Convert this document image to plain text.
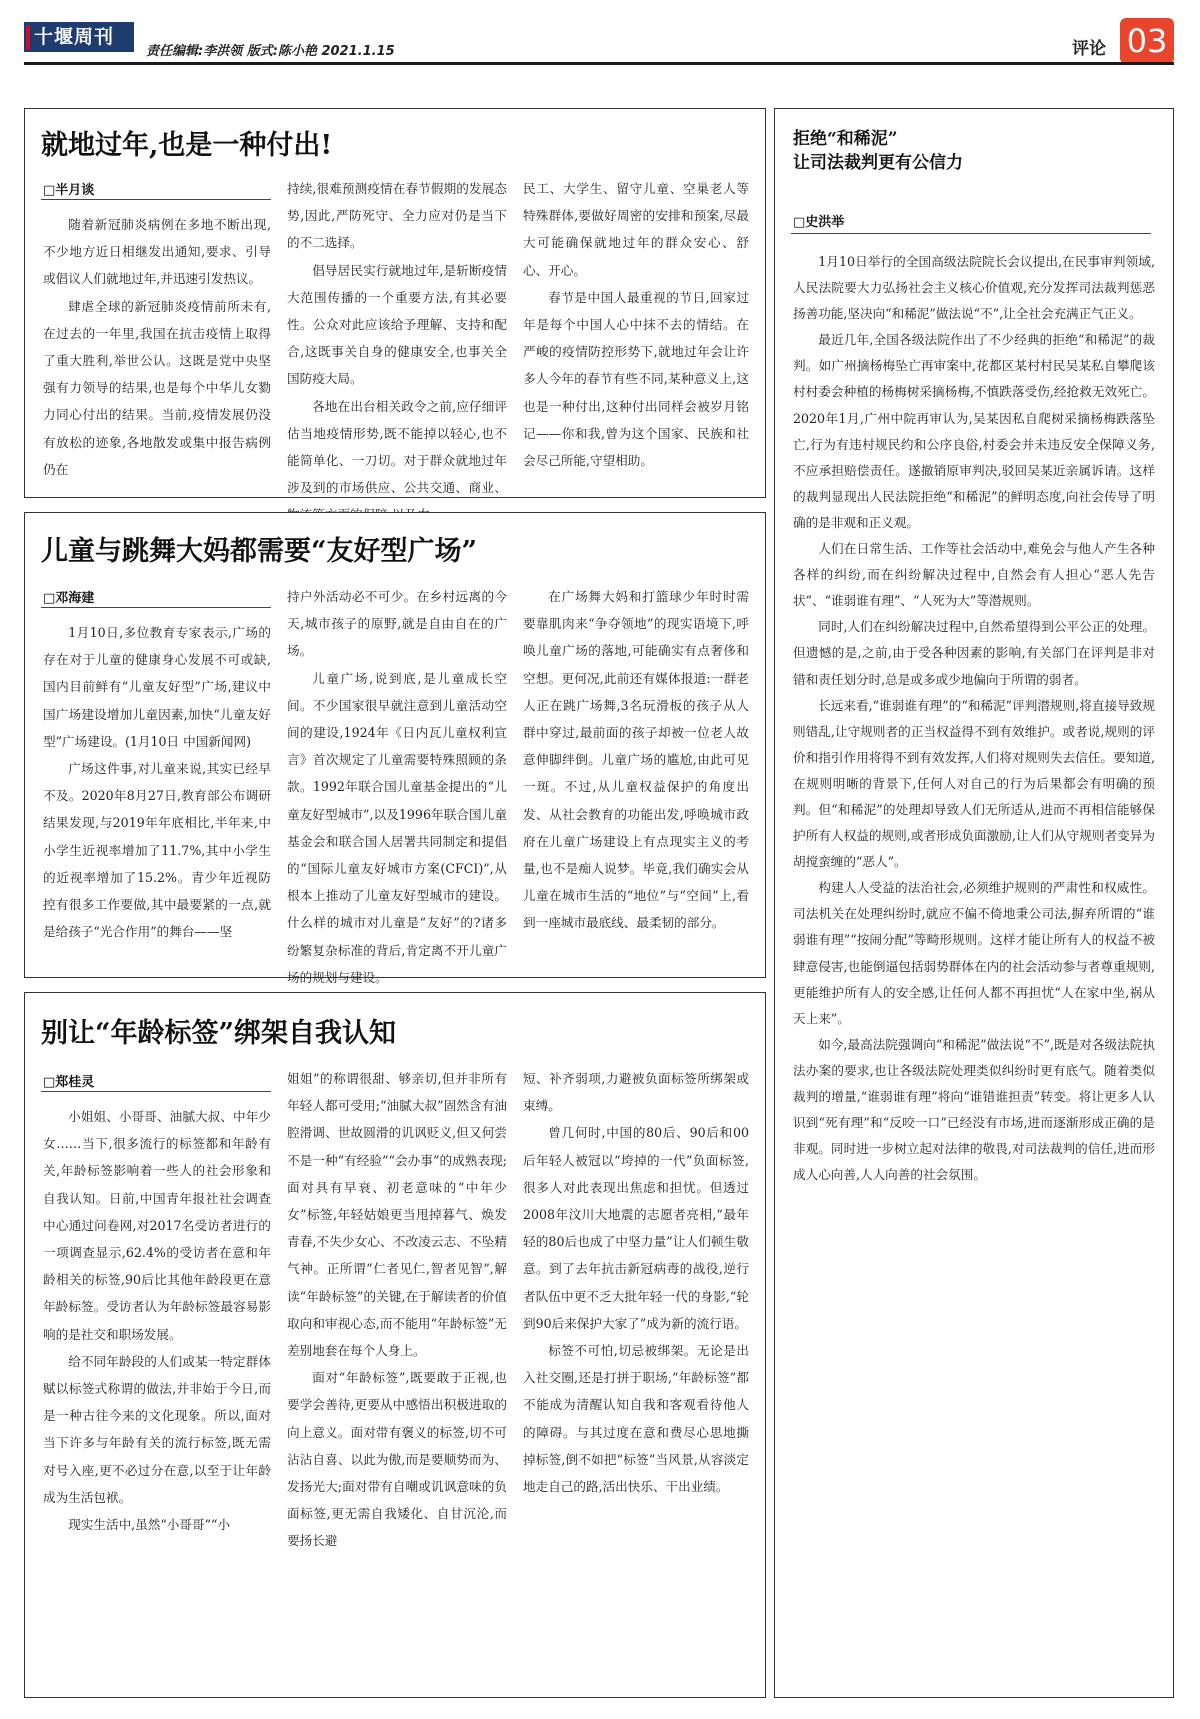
十堰周刊
责任编辑:李洪领 版式:陈小艳 2021.1.15	评论 03
就地过年,也是一种付出!
□半月谈

随着新冠肺炎病例在多地不断出现,不少地方近日相继发出通知,要求、引导或倡议人们就地过年,并迅速引发热议。

肆虐全球的新冠肺炎疫情前所未有,在过去的一年里,我国在抗击疫情上取得了重大胜利,举世公认。这既是党中央坚强有力领导的结果,也是每个中华儿女勠力同心付出的结果。当前,疫情发展仍没有放松的迹象,各地散发或集中报告病例仍在

持续,很难预测疫情在春节假期的发展态势,因此,严防死守、全力应对仍是当下的不二选择。

倡导居民实行就地过年,是斩断疫情大范围传播的一个重要方法,有其必要性。公众对此应该给予理解、支持和配合,这既事关自身的健康安全,也事关全国防疫大局。

各地在出台相关政令之前,应仔细评估当地疫情形势,既不能掉以轻心,也不能简单化、一刀切。对于群众就地过年涉及到的市场供应、公共交通、商业、

民工、大学生、留守儿童、空巢老人等特殊群体,要做好周密的安排和预案,尽最大可能确保就地过年的群众安心、舒心、开心。

春节是中国人最重视的节日,回家过年是每个中国人心中抹不去的情结。在严峻的疫情防控形势下,就地过年会让许多人今年的春节有些不同,某种意义上,这也是一种付出,这种付出同样会被岁月铭记——你和我,曾为这个国家、民族和社会尽己所能,守望相助。

儿童与跳舞大妈都需要“友好型广场”
□邓海建

1月10日,多位教育专家表示,广场的存在对于儿童的健康身心发展不可或缺,国内目前鲜有“儿童友好型”广场,建议中国广场建设增加儿童因素,加快“儿童友好型”广场建设。(1月10日 中国新闻网)

广场这件事,对儿童来说,其实已经早不及。2020年8月27日,教育部公布调研结果发现,与2019年年底相比,半年来,中小学生近视率增加了11.7%,其中小学生的近视率增加了15.2%。青少年近视防控有很多工作要做,其中最要紧的一点,就是给孩子“光合作用”的舞台——坚

持户外活动必不可少。在乡村远离的今天,城市孩子的原野,就是自由自在的广场。

儿童广场,说到底,是儿童成长空间。不少国家很早就注意到儿童活动空间的建设,1924年《日内瓦儿童权利宣言》首次规定了儿童需要特殊照顾的条款。1992年联合国儿童基金提出的“儿童友好型城市”,以及1996年联合国儿童基金会和联合国人居署共同制定和提倡的“国际儿童友好城市方案(CFCI)”,从根本上推动了儿童友好型城市的建设。什么样的城市对儿童是“友好”的?诸多纷繁复杂标准的背后,肯定离不开儿童广场的规划与建设。

在广场舞大妈和打篮球少年时时需要靠肌肉来“争夺领地”的现实语境下,呼唤儿童广场的落地,可能确实有点奢侈和空想。更何况,此前还有媒体报道:一群老人正在跳广场舞,3名玩滑板的孩子从人群中穿过,最前面的孩子却被一位老人故意伸脚绊倒。儿童广场的尴尬,由此可见一斑。不过,从儿童权益保护的角度出发、从社会教育的功能出发,呼唤城市政府在儿童广场建设上有点现实主义的考量,也不是痴人说梦。毕竟,我们确实会从儿童在城市生活的“地位”与“空间”上,看到一座城市最底线、最柔韧的部分。

别让“年龄标签”绑架自我认知
□郑桂灵

小姐姐、小哥哥、油腻大叔、中年少女……当下,很多流行的标签都和年龄有关,年龄标签影响着一些人的社会形象和自我认知。日前,中国青年报社社会调查中心通过问卷网,对2017名受访者进行的一项调查显示,62.4%的受访者在意和年龄相关的标签,90后比其他年龄段更在意年龄标签。受访者认为年龄标签最容易影响的是社交和职场发展。

给不同年龄段的人们或某一特定群体赋以标签式称谓的做法,并非始于今日,而是一种古往今来的文化现象。所以,面对当下许多与年龄有关的流行标签,既无需对号入座,更不必过分在意,以至于让年龄成为生活包袱。

现实生活中,虽然“小哥哥”“小

姐姐”的称谓很甜、够亲切,但并非所有年轻人都可受用;“油腻大叔”固然含有油腔滑调、世故圆滑的讥讽贬义,但又何尝不是一种“有经验”“会办事”的成熟表现;面对具有早衰、初老意味的“中年少女”标签,年轻姑娘更当甩掉暮气、焕发青春,不失少女心、不改凌云志、不坠精气神。正所谓“仁者见仁,智者见智”,解读“年龄标签”的关键,在于解读者的价值取向和审视心态,而不能用“年龄标签”无差别地套在每个人身上。

面对“年龄标签”,既要敢于正视,也要学会善待,更要从中感悟出积极进取的向上意义。面对带有褒义的标签,切不可沾沾自喜、以此为傲,而是要顺势而为、发扬光大;面对带有自嘲或讥讽意味的负面标签,更无需自我矮化、自甘沉沦,而要扬长避

短、补齐弱项,力避被负面标签所绑架或束缚。

曾几何时,中国的80后、90后和00后年轻人被冠以“垮掉的一代”负面标签,很多人对此表现出焦虑和担忧。但透过2008年汶川大地震的志愿者亮相,“最年轻的80后也成了中坚力量”让人们顿生敬意。到了去年抗击新冠病毒的战役,逆行者队伍中更不乏大批年轻一代的身影,“轮到90后来保护大家了”成为新的流行语。

标签不可怕,切忌被绑架。无论是出入社交圈,还是打拼于职场,“年龄标签”都不能成为清醒认知自我和客观看待他人的障碍。与其过度在意和费尽心思地撕掉标签,倒不如把“标签”当风景,从容淡定地走自己的路,活出快乐、干出业绩。

拒绝“和稀泥”
让司法裁判更有公信力
□史洪举

1月10日举行的全国高级法院院长会议提出,在民事审判领域,人民法院要大力弘扬社会主义核心价值观,充分发挥司法裁判惩恶扬善功能,坚决向“和稀泥”做法说“不”,让全社会充满正气正义。

最近几年,全国各级法院作出了不少经典的拒绝“和稀泥”的裁判。如广州摘杨梅坠亡再审案中,花都区某村村民吴某私自攀爬该村村委会种植的杨梅树采摘杨梅,不慎跌落受伤,经抢救无效死亡。2020年1月,广州中院再审认为,吴某因私自爬树采摘杨梅跌落坠亡,行为有违村规民约和公序良俗,村委会并未违反安全保障义务,不应承担赔偿责任。遂撤销原审判决,驳回吴某近亲属诉请。这样的裁判显现出人民法院拒绝“和稀泥”的鲜明态度,向社会传导了明确的是非观和正义观。

人们在日常生活、工作等社会活动中,难免会与他人产生各种各样的纠纷,而在纠纷解决过程中,自然会有人担心“恶人先告状”、“谁弱谁有理”、“人死为大”等潜规则。

同时,人们在纠纷解决过程中,自然希望得到公平公正的处理。但遗憾的是,之前,由于受各种因素的影响,有关部门在评判是非对错和责任划分时,总是或多或少地偏向于所谓的弱者。

长远来看,“谁弱谁有理”的“和稀泥”评判潜规则,将直接导致规则错乱,让守规则者的正当权益得不到有效维护。或者说,规则的评价和指引作用将得不到有效发挥,人们将对规则失去信任。要知道,在规则明晰的背景下,任何人对自己的行为后果都会有明确的预判。但“和稀泥”的处理却导致人们无所适从,进而不再相信能够保护所有人权益的规则,或者形成负面激励,让人们从守规则者变异为胡搅蛮缠的“恶人”。

构建人人受益的法治社会,必须维护规则的严肃性和权威性。司法机关在处理纠纷时,就应不偏不倚地秉公司法,摒弃所谓的“谁弱谁有理”“按闹分配”等畸形规则。这样才能让所有人的权益不被肆意侵害,也能倒逼包括弱势群体在内的社会活动参与者尊重规则,更能维护所有人的安全感,让任何人都不再担忧“人在家中坐,祸从天上来”。

如今,最高法院强调向“和稀泥”做法说“不”,既是对各级法院执法办案的要求,也让各级法院处理类似纠纷时更有底气。随着类似裁判的增量,“谁弱谁有理”将向“谁错谁担责”转变。将让更多人认识到“死有理”和“反咬一口”已经没有市场,进而逐渐形成正确的是非观。同时进一步树立起对法律的敬畏,对司法裁判的信任,进而形成人心向善,人人向善的社会氛围。
